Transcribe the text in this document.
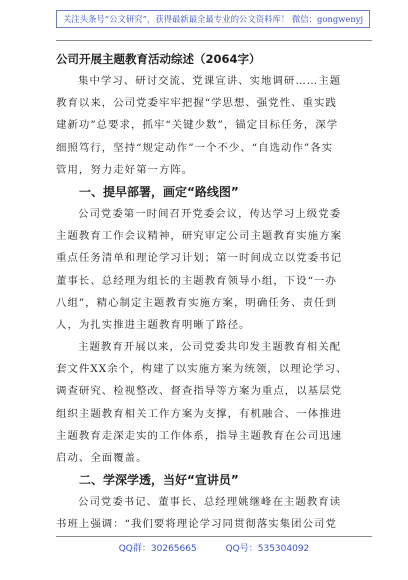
关注头条号“公文研究”，获得最新最全最专业的公文资料库！ 微信：gongwenyj
公司开展主题教育活动综述（2064字）
集中学习、研讨交流、党课宣讲、实地调研……主题
教育以来，公司党委牢牢把握“学思想、强党性、重实践
建新功”总要求，抓牢“关键少数”，锚定目标任务，深学
细照笃行，坚持“规定动作”一个不少、“自选动作”各实
管用，努力走好第一方阵。
一、提早部署，画定“路线图”
公司党委第一时间召开党委会议，传达学习上级党委
主题教育工作会议精神，研究审定公司主题教育实施方案
重点任务清单和理论学习计划；第一时间成立以党委书记
董事长、总经理为组长的主题教育领导小组，下设“一办
八组”，精心制定主题教育实施方案，明确任务、责任到
人，为扎实推进主题教育明晰了路径。
主题教育开展以来，公司党委共印发主题教育相关配
套文件XX余个，构建了以实施方案为统领，以理论学习、
调查研究、检视整改、督查指导等方案为重点，以基层党
组织主题教育相关工作方案为支撑，有机融合、一体推进
主题教育走深走实的工作体系，指导主题教育在公司迅速
启动、全面覆盖。
二、学深学透，当好“宣讲员”
公司党委书记、董事长、总经理姚继峰在主题教育读
书班上强调：“我们要将理论学习同贯彻落实集团公司党
QQ群：30265665	QQ号：535304092
